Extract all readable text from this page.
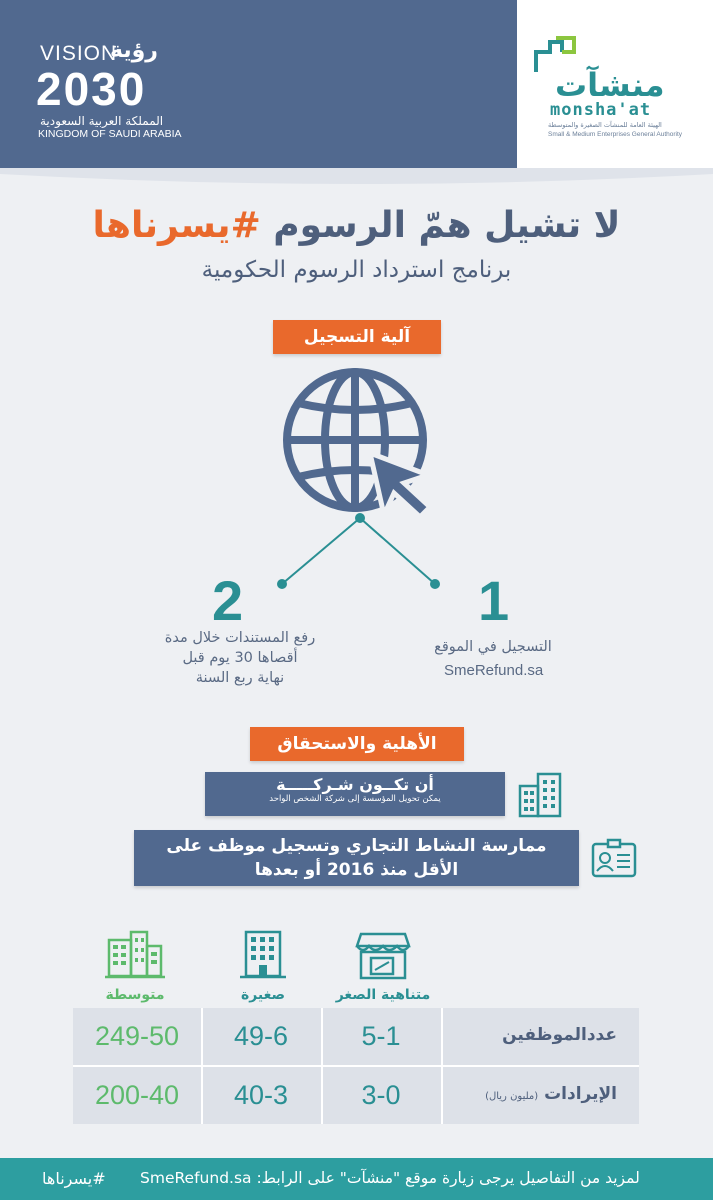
VISION
رؤية
2030
المملكة العربية السعودية
KINGDOM OF SAUDI ARABIA
منشآت
monsha'at
الهيئة العامة للمنشآت الصغيرة والمتوسطة
Small & Medium Enterprises General Authority
لا تشيل همّ الرسوم #يسرناها
برنامج استرداد الرسوم الحكومية
آلية التسجيل
1
التسجيل في الموقع
SmeRefund.sa
2
رفع المستندات خلال مدة
أقصاها 30 يوم قبل
نهاية ربع السنة
الأهلية والاستحقاق
أن تكــون شـركـــــة
يمكن تحويل المؤسسة إلى شركة الشخص الواحد
ممارسة النشاط التجاري وتسجيل موظف على
الأقل منذ 2016 أو بعدها
متوسطة	صغيرة	متناهية الصغر
عددالموظفين
5-1
49-6
249-50
الإيرادات (مليون ريال)
3-0
40-3
200-40
#يسرناها لمزيد من التفاصيل يرجى زيارة موقع "منشآت" على الرابط: SmeRefund.sa
